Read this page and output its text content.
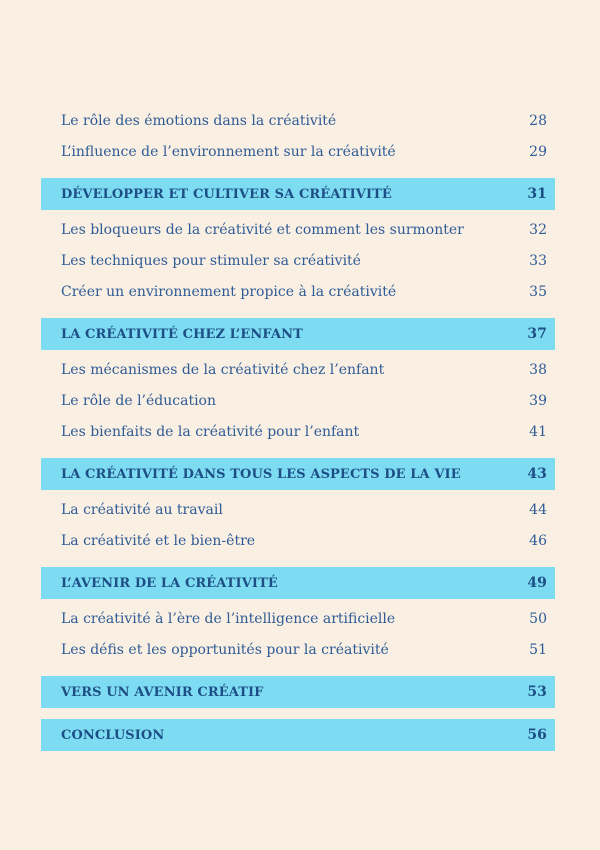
Le rôle des émotions dans la créativité	28
L’influence de l’environnement sur la créativité	29
DÉVELOPPER ET CULTIVER SA CRÉATIVITÉ	31
Les bloqueurs de la créativité et comment les surmonter	32
Les techniques pour stimuler sa créativité	33
Créer un environnement propice à la créativité	35
LA CRÉATIVITÉ CHEZ L’ENFANT	37
Les mécanismes de la créativité chez l’enfant	38
Le rôle de l’éducation	39
Les bienfaits de la créativité pour l’enfant	41
LA CRÉATIVITÉ DANS TOUS LES ASPECTS DE LA VIE	43
La créativité au travail	44
La créativité et le bien-être	46
L’AVENIR DE LA CRÉATIVITÉ	49
La créativité à l’ère de l’intelligence artificielle	50
Les défis et les opportunités pour la créativité	51
VERS UN AVENIR CRÉATIF	53
CONCLUSION	56
